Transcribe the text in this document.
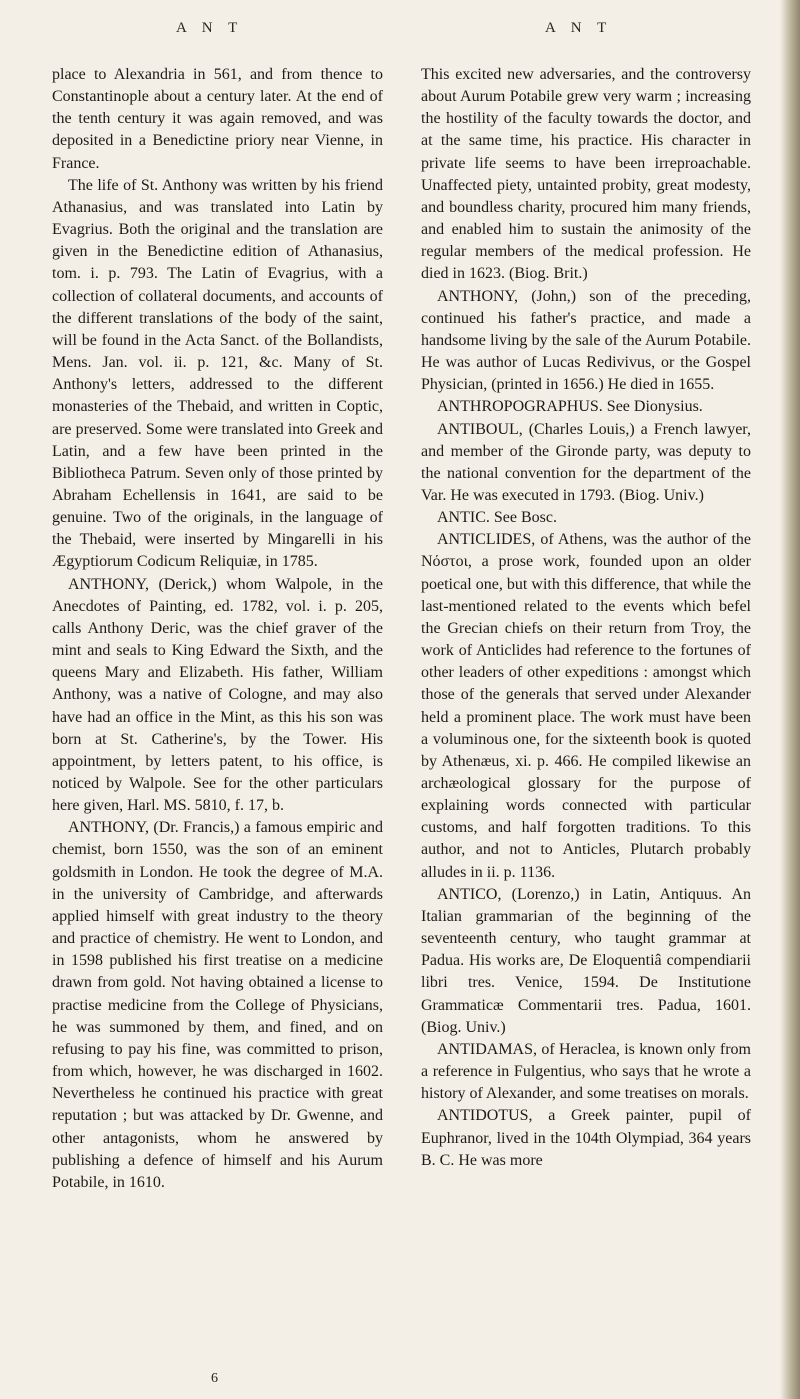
A N T	A N T

place to Alexandria in 561, and from thence to Constantinople about a century later. At the end of the tenth century it was again removed, and was deposited in a Benedictine priory near Vienne, in France.

The life of St. Anthony was written by his friend Athanasius, and was translated into Latin by Evagrius. Both the original and the translation are given in the Benedictine edition of Athanasius, tom. i. p. 793. The Latin of Evagrius, with a collection of collateral documents, and accounts of the different translations of the body of the saint, will be found in the Acta Sanct. of the Bollandists, Mens. Jan. vol. ii. p. 121, &c. Many of St. Anthony's letters, addressed to the different monasteries of the Thebaid, and written in Coptic, are preserved. Some were translated into Greek and Latin, and a few have been printed in the Bibliotheca Patrum. Seven only of those printed by Abraham Echellensis in 1641, are said to be genuine. Two of the originals, in the language of the Thebaid, were inserted by Mingarelli in his Ægyptiorum Codicum Reliquiæ, in 1785.

ANTHONY, (Derick,) whom Walpole, in the Anecdotes of Painting, ed. 1782, vol. i. p. 205, calls Anthony Deric, was the chief graver of the mint and seals to King Edward the Sixth, and the queens Mary and Elizabeth. His father, William Anthony, was a native of Cologne, and may also have had an office in the Mint, as this his son was born at St. Catherine's, by the Tower. His appointment, by letters patent, to his office, is noticed by Walpole. See for the other particulars here given, Harl. MS. 5810, f. 17, b.

ANTHONY, (Dr. Francis,) a famous empiric and chemist, born 1550, was the son of an eminent goldsmith in London. He took the degree of M.A. in the university of Cambridge, and afterwards applied himself with great industry to the theory and practice of chemistry. He went to London, and in 1598 published his first treatise on a medicine drawn from gold. Not having obtained a license to practise medicine from the College of Physicians, he was summoned by them, and fined, and on refusing to pay his fine, was committed to prison, from which, however, he was discharged in 1602. Nevertheless he continued his practice with great reputation ; but was attacked by Dr. Gwenne, and other antagonists, whom he answered by publishing a defence of himself and his Aurum Potabile, in 1610.

This excited new adversaries, and the controversy about Aurum Potabile grew very warm ; increasing the hostility of the faculty towards the doctor, and at the same time, his practice. His character in private life seems to have been irreproachable. Unaffected piety, untainted probity, great modesty, and boundless charity, procured him many friends, and enabled him to sustain the animosity of the regular members of the medical profession. He died in 1623. (Biog. Brit.)

ANTHONY, (John,) son of the preceding, continued his father's practice, and made a handsome living by the sale of the Aurum Potabile. He was author of Lucas Redivivus, or the Gospel Physician, (printed in 1656.) He died in 1655.

ANTHROPOGRAPHUS. See Dionysius.

ANTIBOUL, (Charles Louis,) a French lawyer, and member of the Gironde party, was deputy to the national convention for the department of the Var. He was executed in 1793. (Biog. Univ.)

ANTIC. See Bosc.

ANTICLIDES, of Athens, was the author of the Νόστοι, a prose work, founded upon an older poetical one, but with this difference, that while the last-mentioned related to the events which befel the Grecian chiefs on their return from Troy, the work of Anticlides had reference to the fortunes of other leaders of other expeditions : amongst which those of the generals that served under Alexander held a prominent place. The work must have been a voluminous one, for the sixteenth book is quoted by Athenæus, xi. p. 466. He compiled likewise an archæological glossary for the purpose of explaining words connected with particular customs, and half forgotten traditions. To this author, and not to Anticles, Plutarch probably alludes in ii. p. 1136.

ANTICO, (Lorenzo,) in Latin, Antiquus. An Italian grammarian of the beginning of the seventeenth century, who taught grammar at Padua. His works are, De Eloquentiâ compendiarii libri tres. Venice, 1594. De Institutione Grammaticæ Commentarii tres. Padua, 1601. (Biog. Univ.)

ANTIDAMAS, of Heraclea, is known only from a reference in Fulgentius, who says that he wrote a history of Alexander, and some treatises on morals.

ANTIDOTUS, a Greek painter, pupil of Euphranor, lived in the 104th Olympiad, 364 years B. C. He was more

6
